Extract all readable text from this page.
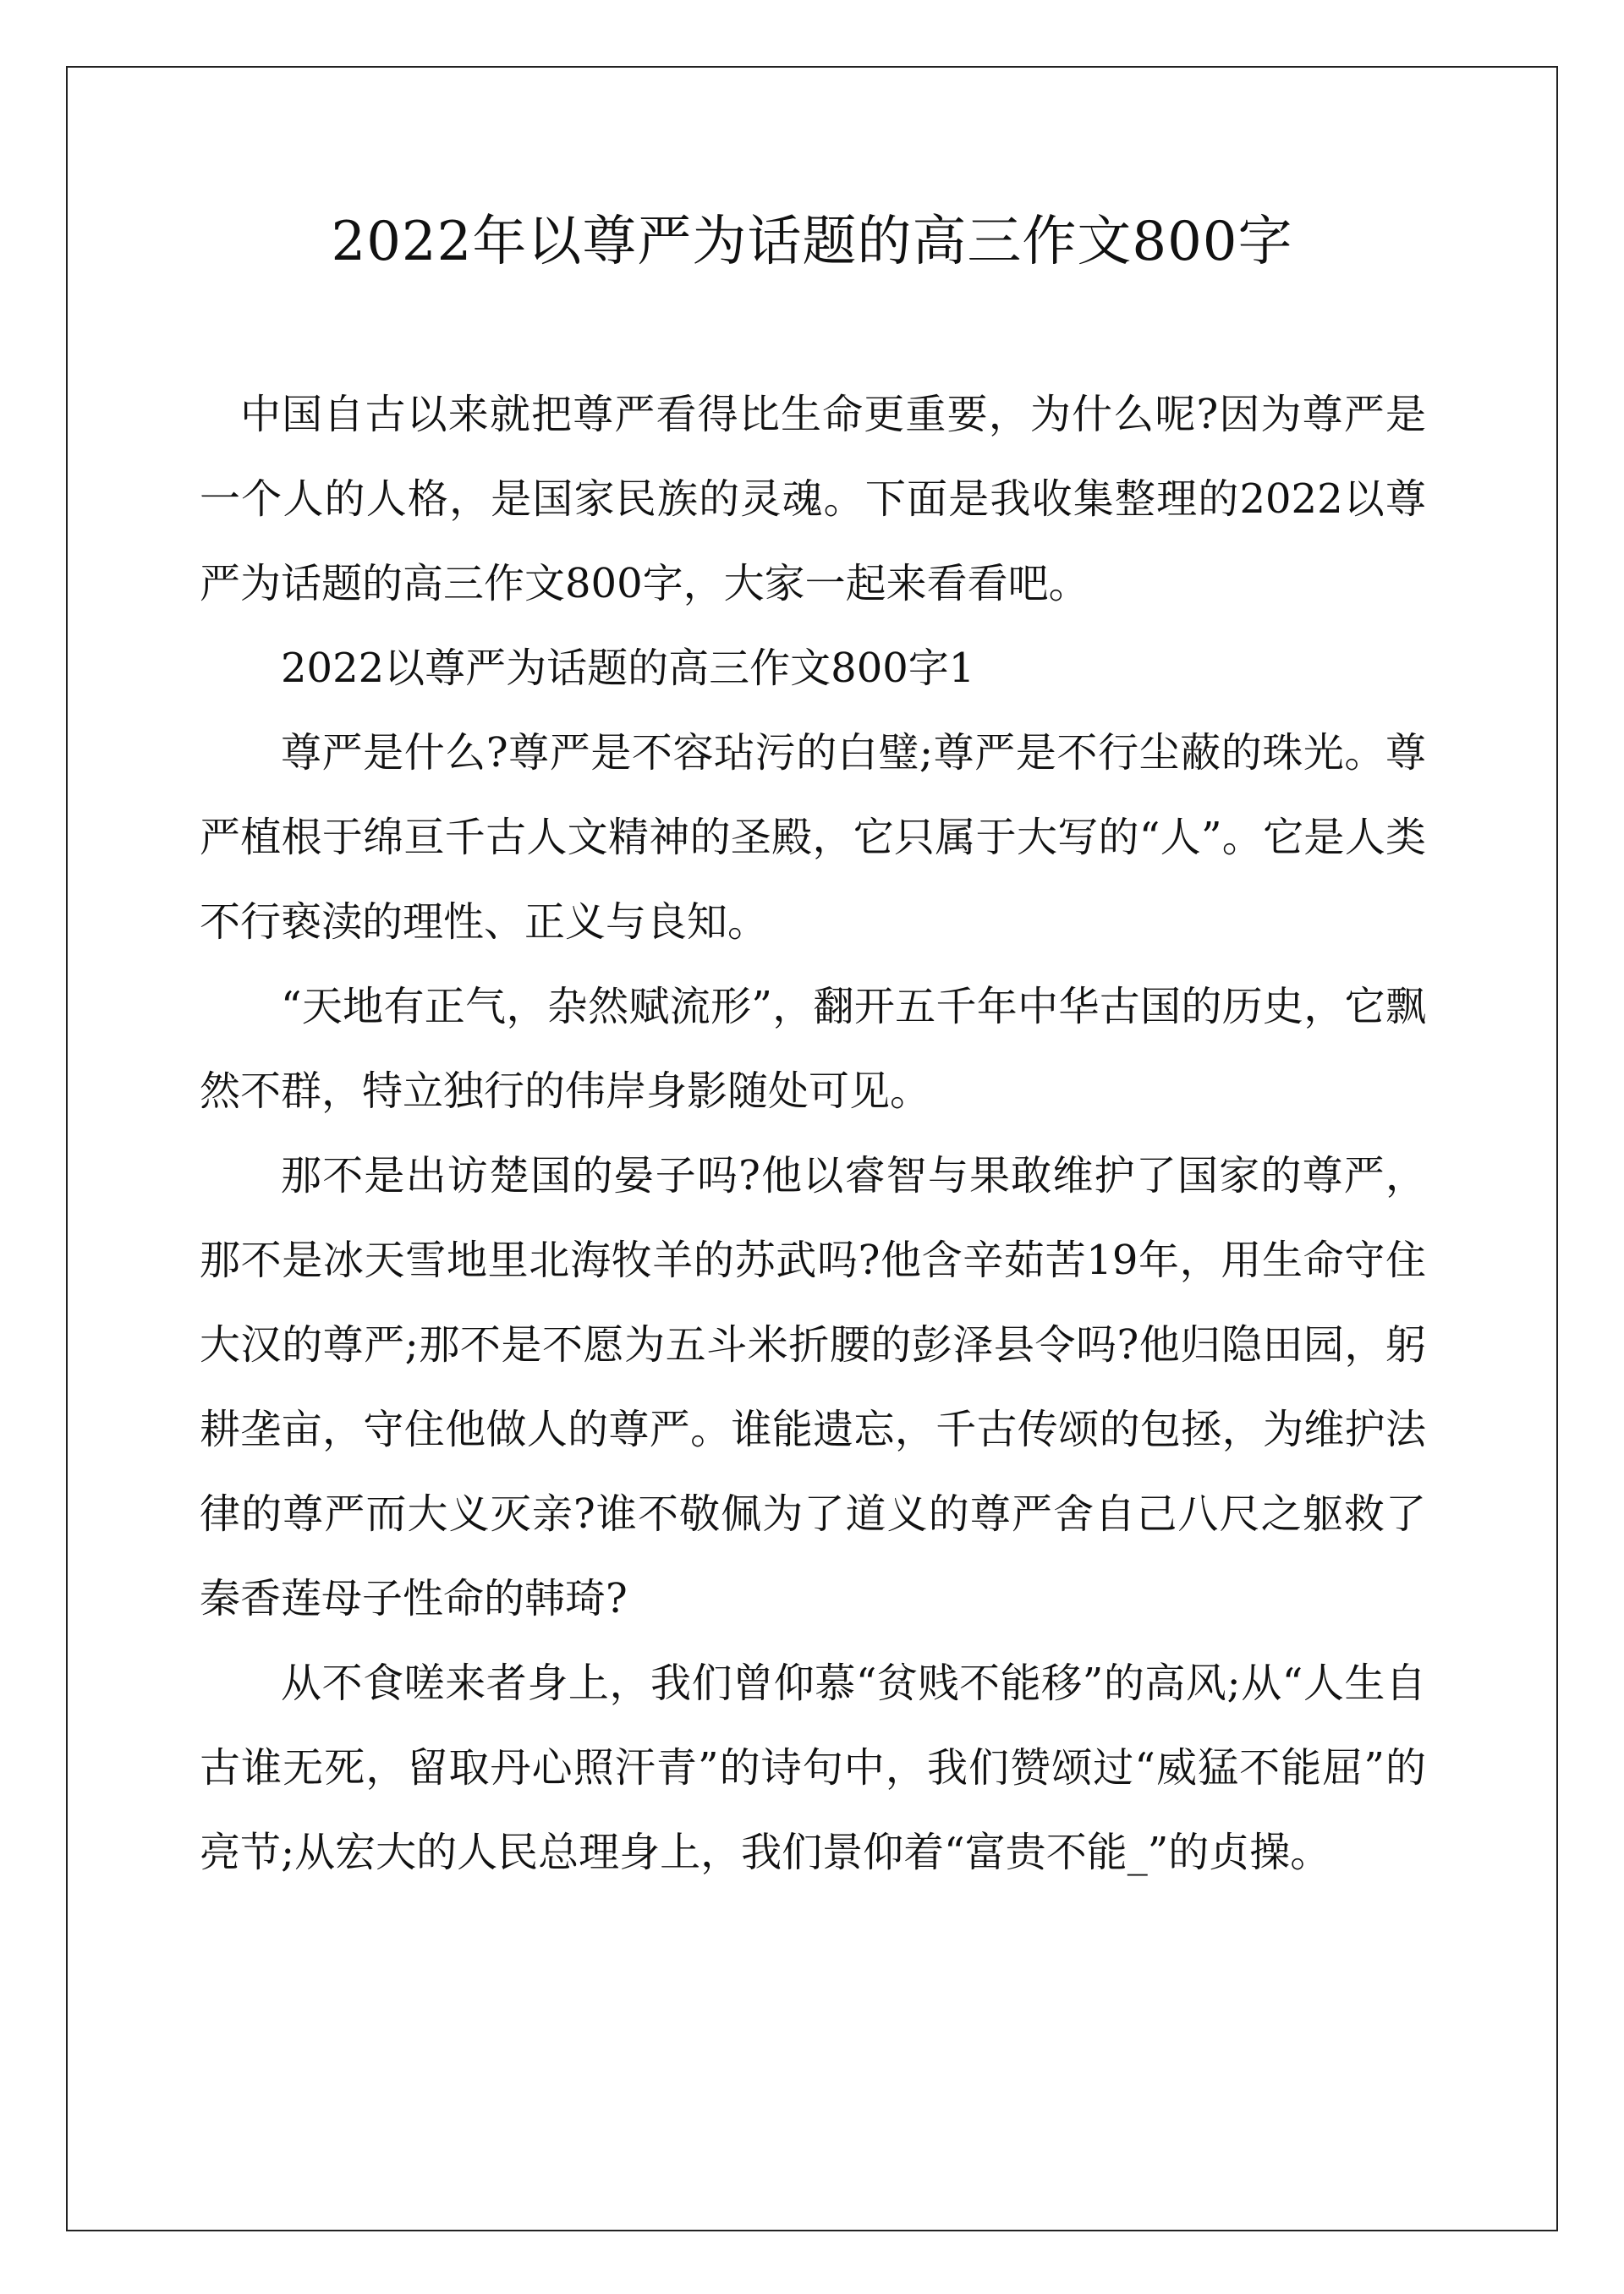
2022年以尊严为话题的高三作文800字

中国自古以来就把尊严看得比生命更重要，为什么呢?因为尊严是一个人的人格，是国家民族的灵魂。下面是我收集整理的2022以尊严为话题的高三作文800字，大家一起来看看吧。

2022以尊严为话题的高三作文800字1

尊严是什么?尊严是不容玷污的白璧;尊严是不行尘蔽的珠光。尊严植根于绵亘千古人文精神的圣殿，它只属于大写的“人”。它是人类不行亵渎的理性、正义与良知。

“天地有正气，杂然赋流形”，翻开五千年中华古国的历史，它飘然不群，特立独行的伟岸身影随处可见。

那不是出访楚国的晏子吗?他以睿智与果敢维护了国家的尊严，那不是冰天雪地里北海牧羊的苏武吗?他含辛茹苦19年，用生命守住大汉的尊严;那不是不愿为五斗米折腰的彭泽县令吗?他归隐田园，躬耕垄亩，守住他做人的尊严。谁能遗忘，千古传颂的包拯，为维护法律的尊严而大义灭亲?谁不敬佩为了道义的尊严舍自己八尺之躯救了秦香莲母子性命的韩琦?

从不食嗟来者身上，我们曾仰慕“贫贱不能移”的高风;从“人生自古谁无死，留取丹心照汗青”的诗句中，我们赞颂过“威猛不能屈”的亮节;从宏大的人民总理身上，我们景仰着“富贵不能_”的贞操。
